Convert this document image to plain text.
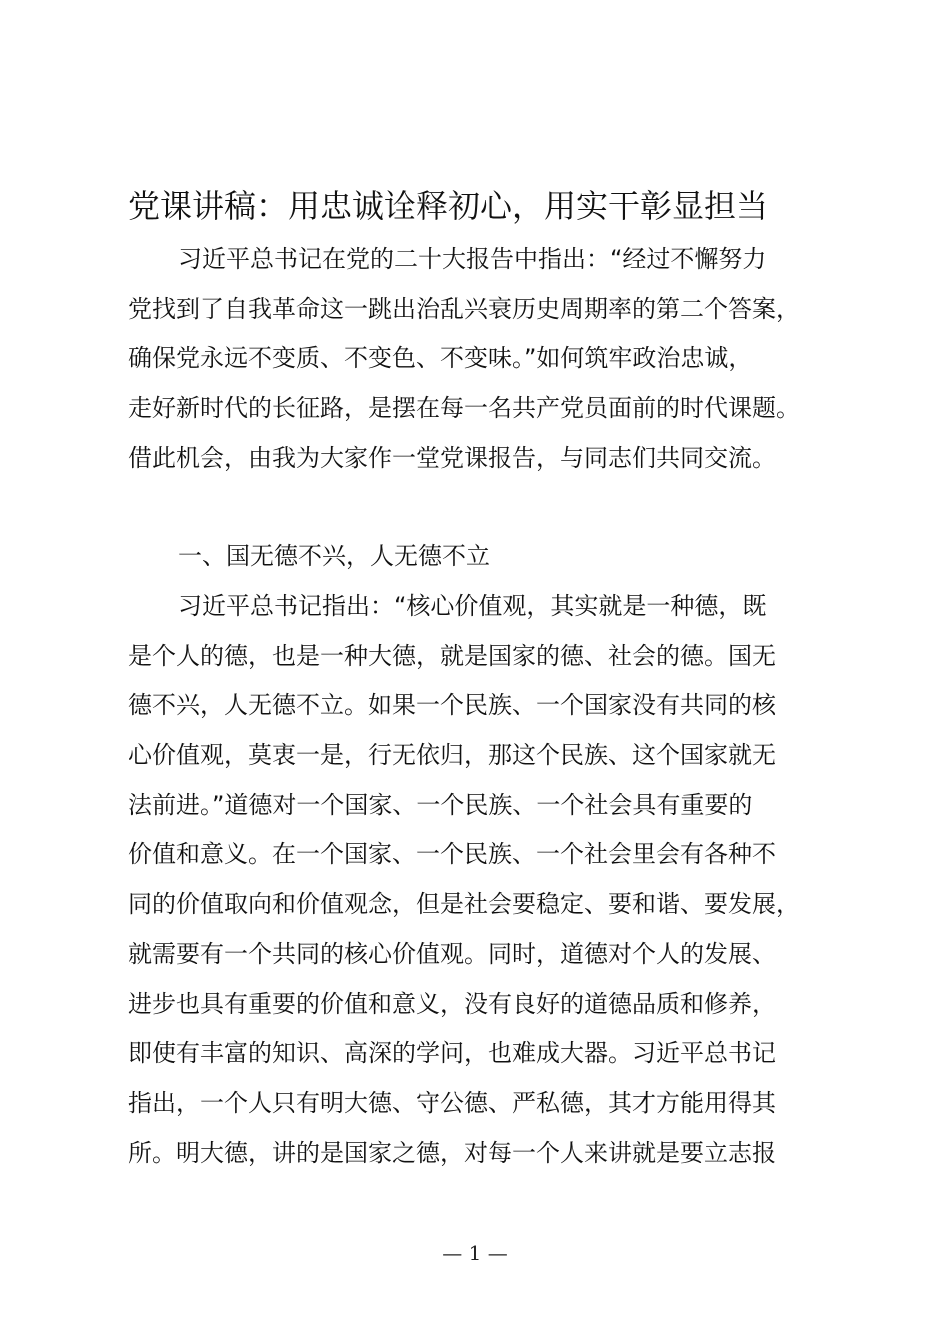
党课讲稿：用忠诚诠释初心，用实干彰显担当
习近平总书记在党的二十大报告中指出：“经过不懈努力
党找到了自我革命这一跳出治乱兴衰历史周期率的第二个答案，
确保党永远不变质、不变色、不变味。”如何筑牢政治忠诚，
走好新时代的长征路，是摆在每一名共产党员面前的时代课题。
借此机会，由我为大家作一堂党课报告，与同志们共同交流。
一、国无德不兴，人无德不立
习近平总书记指出：“核心价值观，其实就是一种德，既
是个人的德，也是一种大德，就是国家的德、社会的德。国无
德不兴，人无德不立。如果一个民族、一个国家没有共同的核
心价值观，莫衷一是，行无依归，那这个民族、这个国家就无
法前进。”道德对一个国家、一个民族、一个社会具有重要的
价值和意义。在一个国家、一个民族、一个社会里会有各种不
同的价值取向和价值观念，但是社会要稳定、要和谐、要发展，
就需要有一个共同的核心价值观。同时，道德对个人的发展、
进步也具有重要的价值和意义，没有良好的道德品质和修养，
即使有丰富的知识、高深的学问，也难成大器。习近平总书记
指出，一个人只有明大德、守公德、严私德，其才方能用得其
所。明大德，讲的是国家之德，对每一个人来讲就是要立志报
— 1 —
